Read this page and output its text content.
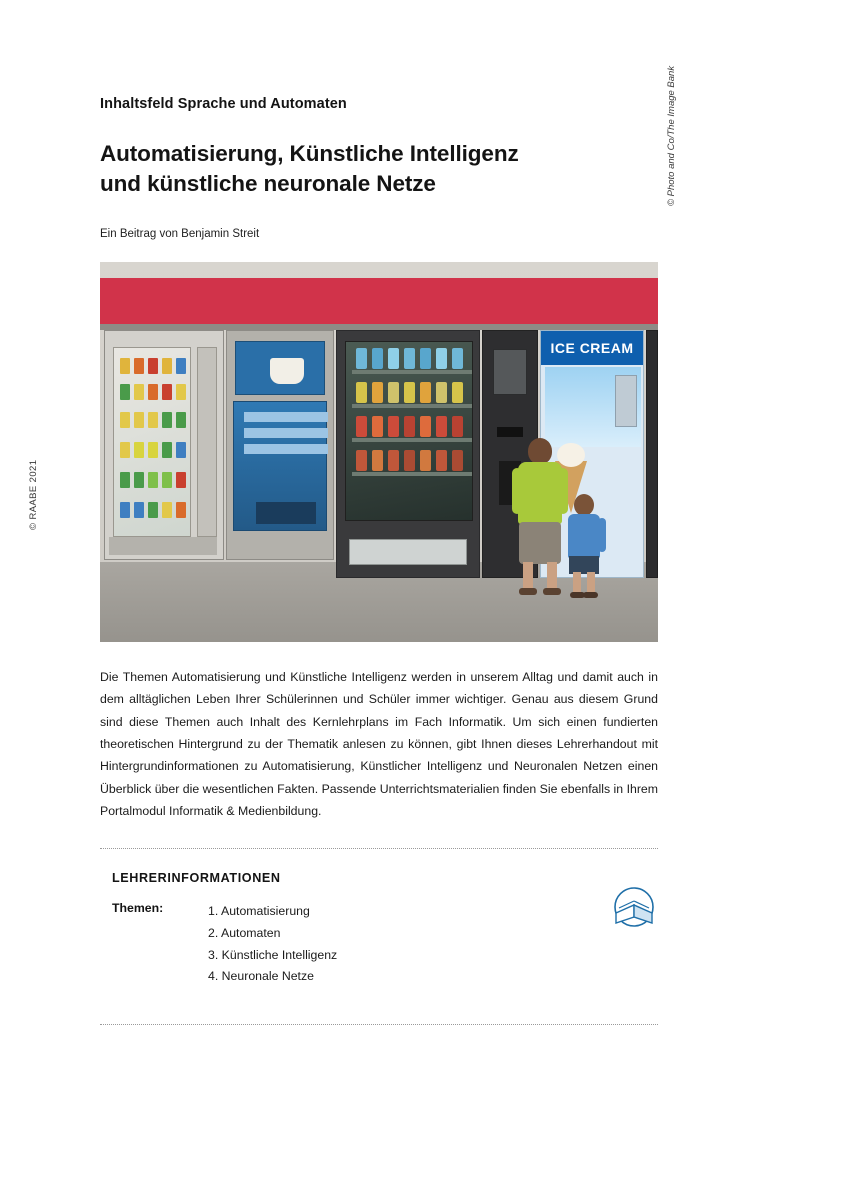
© RAABE 2021
Inhaltsfeld Sprache und Automaten
Automatisierung, Künstliche Intelligenz
und künstliche neuronale Netze
Ein Beitrag von Benjamin Streit
ICE CREAM
© Photo and Co/The Image Bank
Die Themen Automatisierung und Künstliche Intelligenz werden in unserem Alltag und damit auch in dem alltäglichen Leben Ihrer Schülerinnen und Schüler immer wichtiger. Genau aus diesem Grund sind diese Themen auch Inhalt des Kernlehrplans im Fach Informatik. Um sich einen fundierten theoretischen Hintergrund zu der Thematik anlesen zu können, gibt Ihnen dieses Lehrerhandout mit Hintergrundinformationen zu Automatisierung, Künstlicher Intelligenz und Neuronalen Netzen einen Überblick über die wesentlichen Fakten. Passende Unterrichtsmaterialien finden Sie ebenfalls in Ihrem Portalmodul Informatik & Medienbildung.
LEHRERINFORMATIONEN
Themen:	1. Automatisierung
2. Automaten
3. Künstliche Intelligenz
4. Neuronale Netze
